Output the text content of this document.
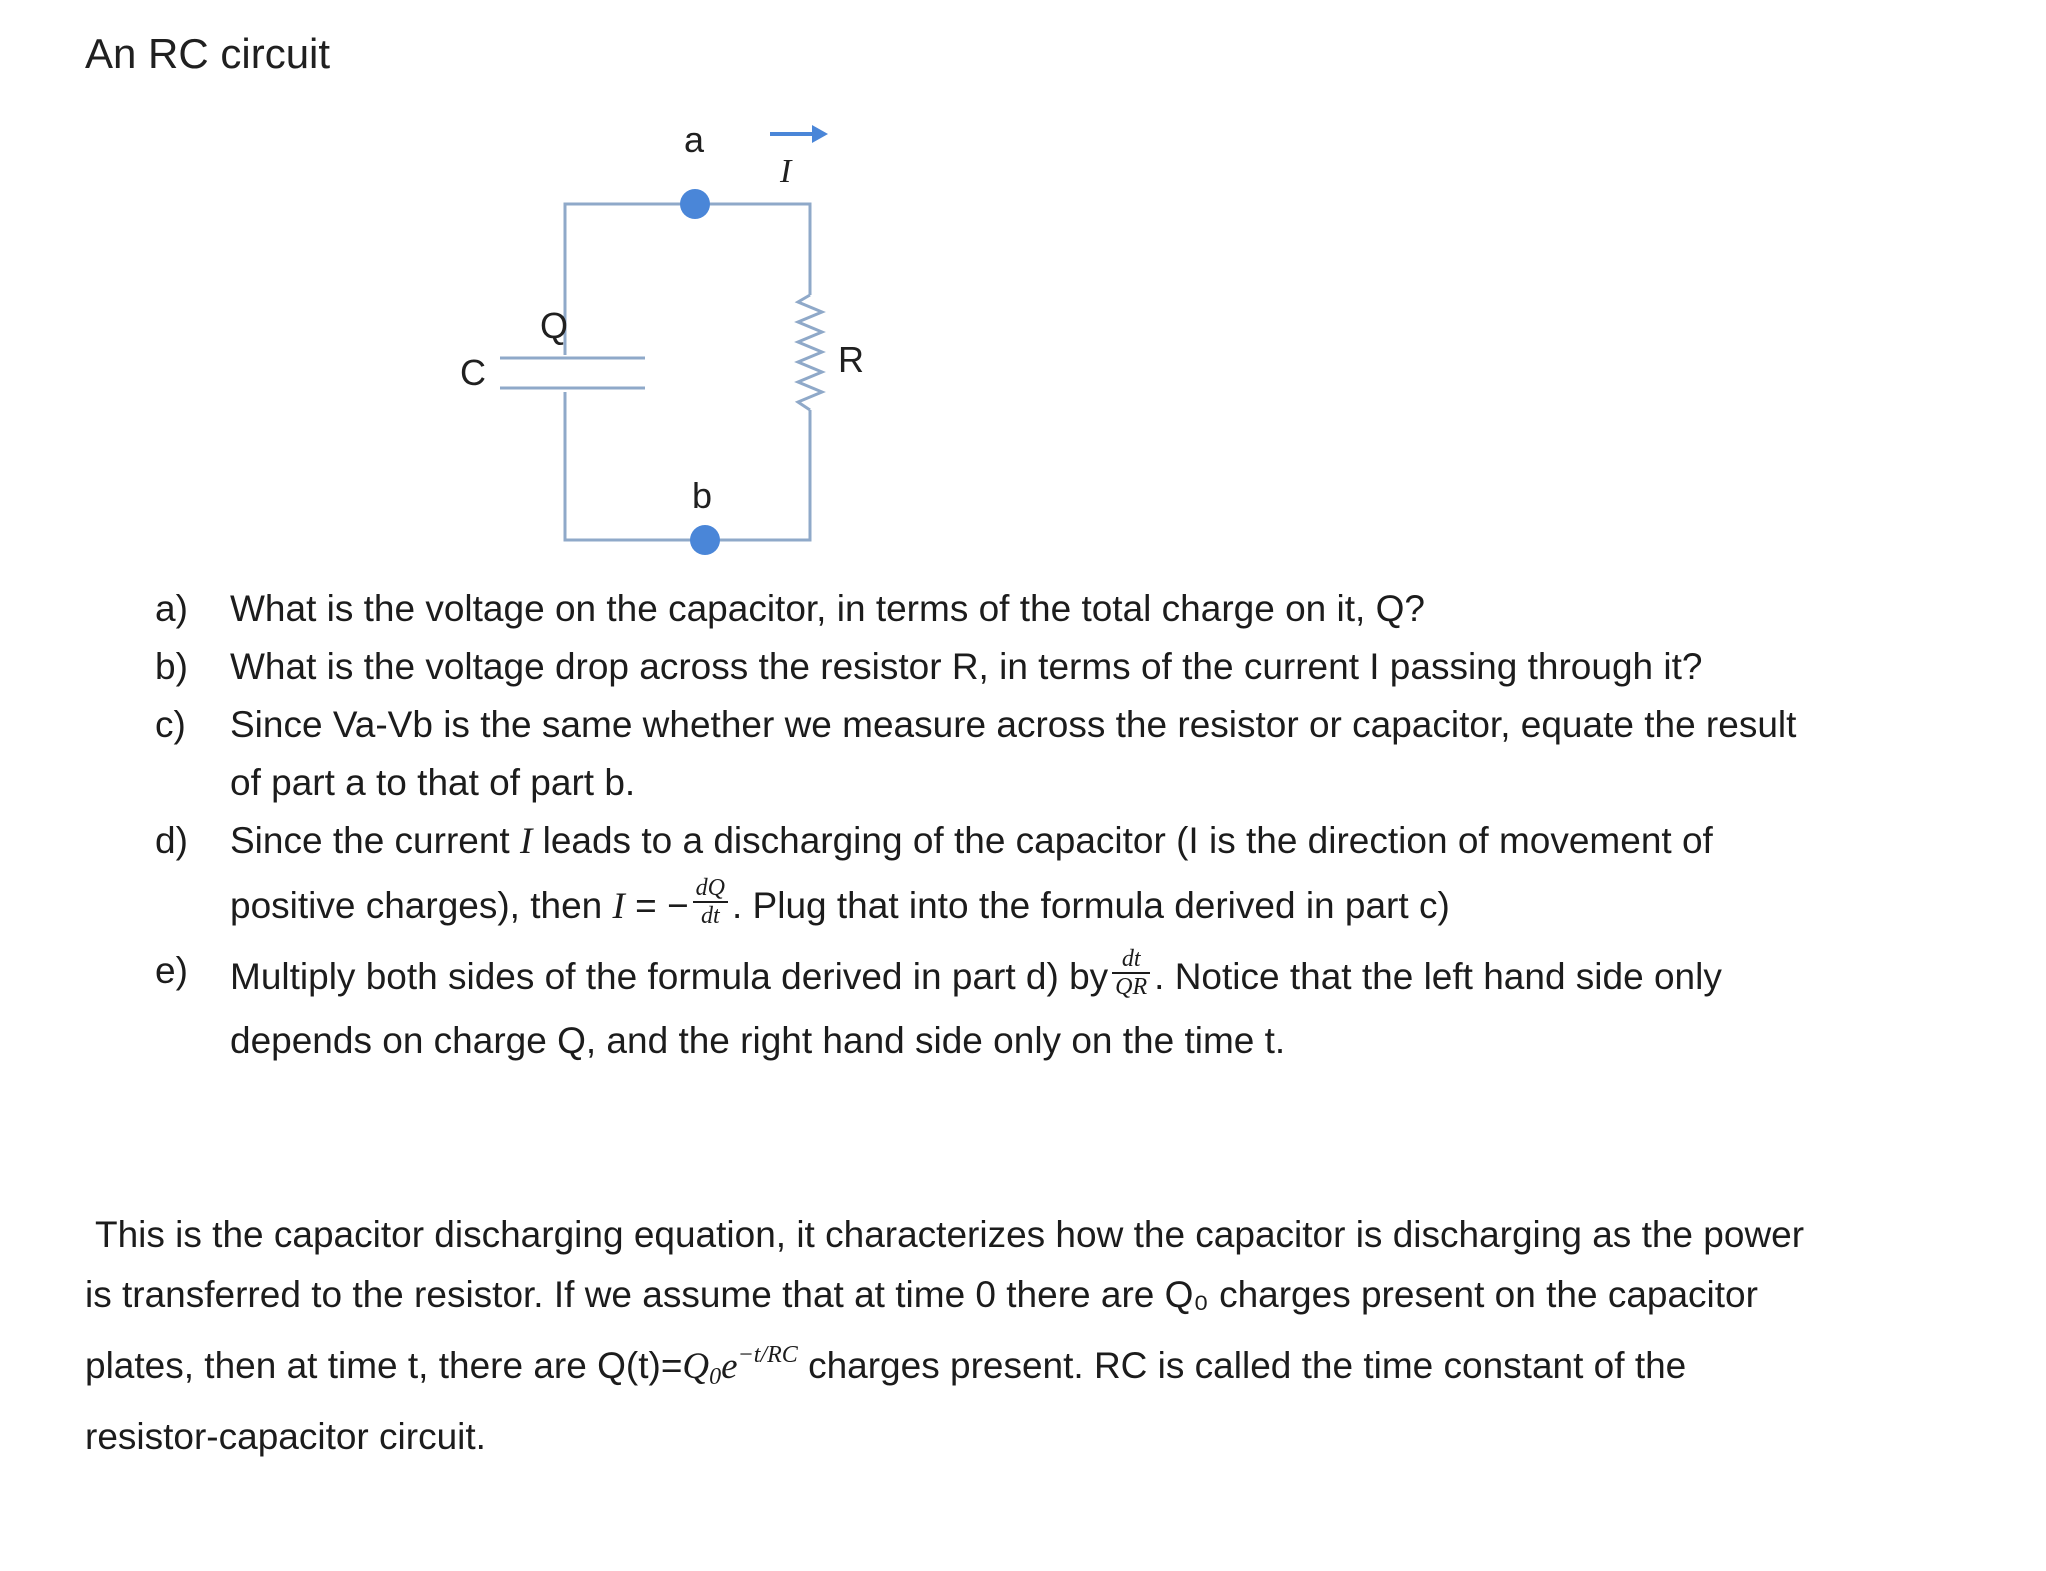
An RC circuit
a
I
Q
C	R
b
a) What is the voltage on the capacitor, in terms of the total charge on it, Q?
b) What is the voltage drop across the resistor R, in terms of the current I passing through it?
c) Since Va-Vb is the same whether we measure across the resistor or capacitor, equate the result
of part a to that of part b.
d) Since the current I leads to a discharging of the capacitor (I is the direction of movement of
positive charges), then I = − $\frac{dQ}{dt}$ . Plug that into the formula derived in part c)
e) Multiply both sides of the formula derived in part d) by $\frac{dt}{QR}$ . Notice that the left hand side only
depends on charge Q, and the right hand side only on the time t.

This is the capacitor discharging equation, it characterizes how the capacitor is discharging as the power

is transferred to the resistor. If we assume that at time 0 there are Q₀ charges present on the capacitor
plates, then at time t, there are $Q(t)=Q_0e^{-t/RC}$ charges present. RC is called the time constant of the
resistor-capacitor circuit.
